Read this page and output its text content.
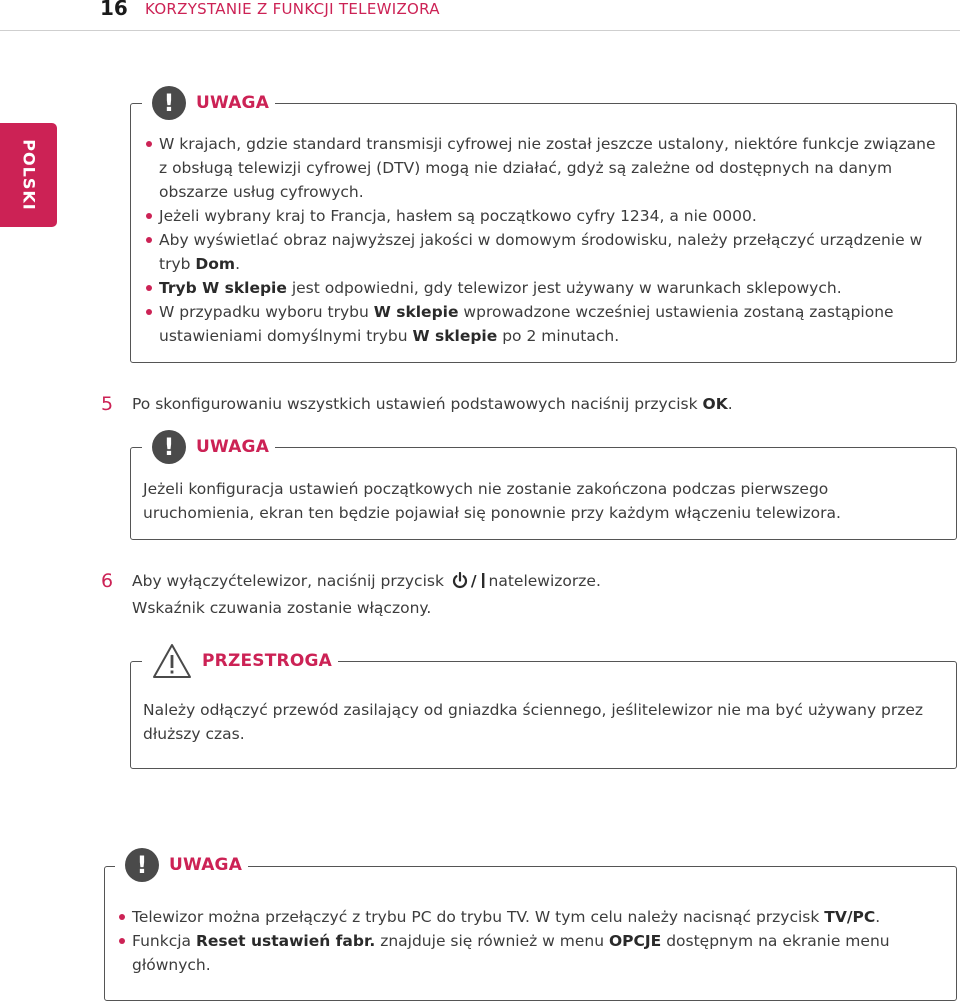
16 KORZYSTANIE Z FUNKCJI TELEWIZORA
POLSKI
!	UWAGA
W krajach, gdzie standard transmisji cyfrowej nie został jeszcze ustalony, niektóre funkcje związane z obsługą telewizji cyfrowej (DTV) mogą nie działać, gdyż są zależne od dostępnych na danym obszarze usług cyfrowych.
Jeżeli wybrany kraj to Francja, hasłem są początkowo cyfry 1234, a nie 0000.
Aby wyświetlać obraz najwyższej jakości w domowym środowisku, należy przełączyć urządzenie w tryb Dom.
Tryb W sklepie jest odpowiedni, gdy telewizor jest używany w warunkach sklepowych.
W przypadku wyboru trybu W sklepie wprowadzone wcześniej ustawienia zostaną zastąpione ustawieniami domyślnymi trybu W sklepie po 2 minutach.
5 Po skonfigurowaniu wszystkich ustawień podstawowych naciśnij przycisk OK.
!	UWAGA
Jeżeli konfiguracja ustawień początkowych nie zostanie zakończona podczas pierwszego uruchomienia, ekran ten będzie pojawiał się ponownie przy każdym włączeniu telewizora.
6 Aby wyłączyćtelewizor, naciśnij przycisk / natelewizorze.
Wskaźnik czuwania zostanie włączony.
PRZESTROGA
Należy odłączyć przewód zasilający od gniazdka ściennego, jeślitelewizor nie ma być używany przez dłuższy czas.
!	UWAGA
Telewizor można przełączyć z trybu PC do trybu TV. W tym celu należy nacisnąć przycisk TV/PC.
Funkcja Reset ustawień fabr. znajduje się również w menu OPCJE dostępnym na ekranie menu głównych.
